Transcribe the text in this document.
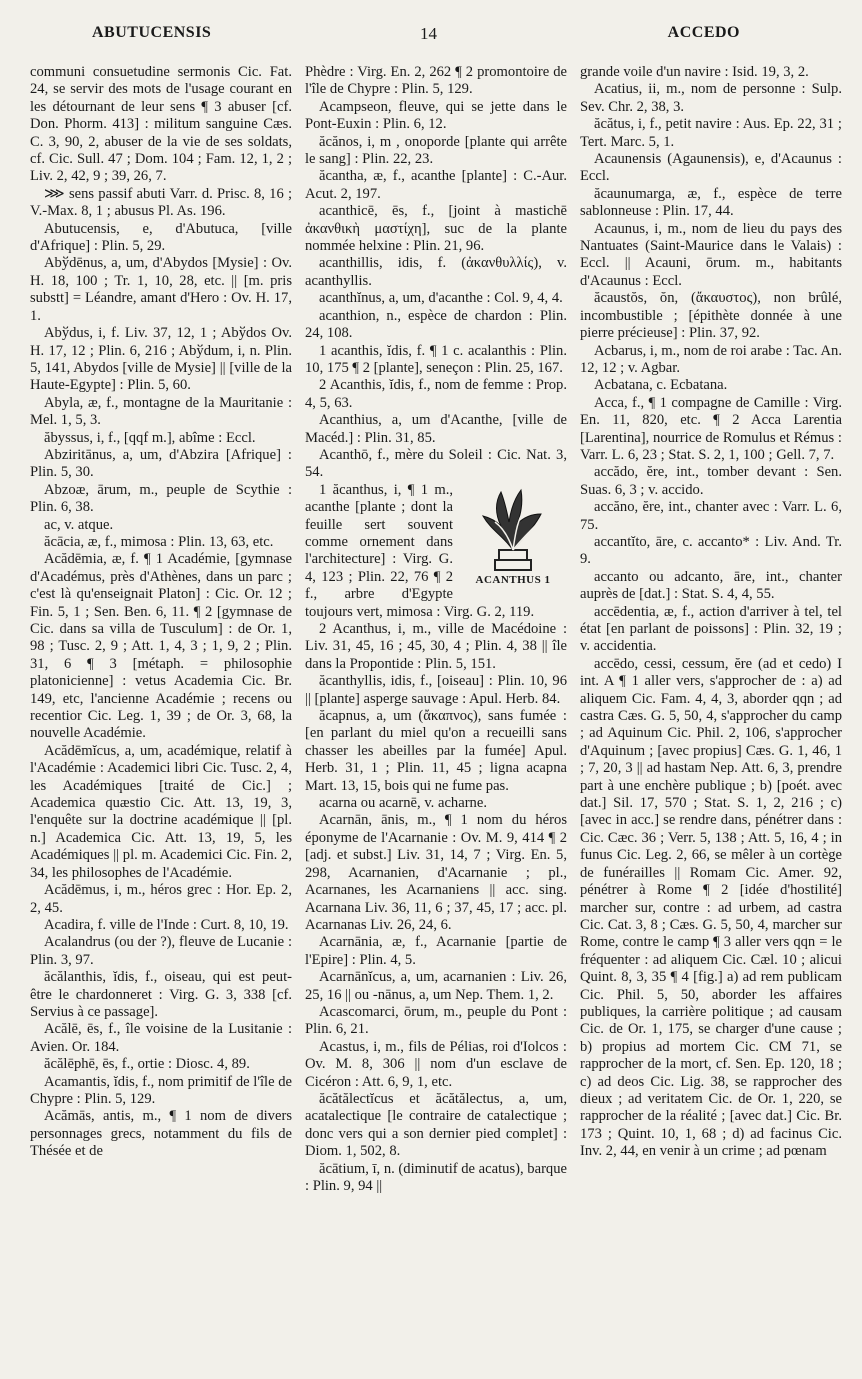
ABUTUCENSIS	14	ACCEDO

communi consuetudine sermonis Cic. Fat. 24, se servir des mots de l'usage courant en les détournant de leur sens ¶ 3 abuser [cf. Don. Phorm. 413] : militum sanguine Cæs. C. 3, 90, 2, abuser de la vie de ses soldats, cf. Cic. Sull. 47 ; Dom. 104 ; Fam. 12, 1, 2 ; Liv. 2, 42, 9 ; 39, 26, 7.

⋙ sens passif abuti Varr. d. Prisc. 8, 16 ; V.-Max. 8, 1 ; abusus Pl. As. 196.

Abutucensis, e, d'Abutuca, [ville d'Afrique] : Plin. 5, 29.

Abўdēnus, a, um, d'Abydos [Mysie] : Ov. H. 18, 100 ; Tr. 1, 10, 28, etc. || [m. pris substt] = Léandre, amant d'Hero : Ov. H. 17, 1.

Abўdus, i, f. Liv. 37, 12, 1 ; Abўdos Ov. H. 17, 12 ; Plin. 6, 216 ; Abўdum, i, n. Plin. 5, 141, Abydos [ville de Mysie] || [ville de la Haute-Egypte] : Plin. 5, 60.

Abyla, æ, f., montagne de la Mauritanie : Mel. 1, 5, 3.

ăbyssus, i, f., [qqf m.], abîme : Eccl.

Abziritānus, a, um, d'Abzira [Afrique] : Plin. 5, 30.

Abzoæ, ārum, m., peuple de Scythie : Plin. 6, 38.

ac, v. atque.

ăcācia, æ, f., mimosa : Plin. 13, 63, etc.

Acădēmia, æ, f. ¶ 1 Académie, [gymnase d'Académus, près d'Athènes, dans un parc ; c'est là qu'enseignait Platon] : Cic. Or. 12 ; Fin. 5, 1 ; Sen. Ben. 6, 11. ¶ 2 [gymnase de Cic. dans sa villa de Tusculum] : de Or. 1, 98 ; Tusc. 2, 9 ; Att. 1, 4, 3 ; 1, 9, 2 ; Plin. 31, 6 ¶ 3 [métaph. = philosophie platonicienne] : vetus Academia Cic. Br. 149, etc, l'ancienne Académie ; recens ou recentior Cic. Leg. 1, 39 ; de Or. 3, 68, la nouvelle Académie.

Acădēmĭcus, a, um, académique, relatif à l'Académie : Academici libri Cic. Tusc. 2, 4, les Académiques [traité de Cic.] ; Academica quæstio Cic. Att. 13, 19, 3, l'enquête sur la doctrine académique || [pl. n.] Academica Cic. Att. 13, 19, 5, les Académiques || pl. m. Academici Cic. Fin. 2, 34, les philosophes de l'Académie.

Acădēmus, i, m., héros grec : Hor. Ep. 2, 2, 45.

Acadira, f. ville de l'Inde : Curt. 8, 10, 19.

Acalandrus (ou der ?), fleuve de Lucanie : Plin. 3, 97.

ăcălanthis, ĭdis, f., oiseau, qui est peut-être le chardonneret : Virg. G. 3, 338 [cf. Servius à ce passage].

Acălē, ēs, f., île voisine de la Lusitanie : Avien. Or. 184.

ăcălēphē, ēs, f., ortie : Diosc. 4, 89.

Acamantis, ĭdis, f., nom primitif de l'île de Chypre : Plin. 5, 129.

Acămās, antis, m., ¶ 1 nom de divers personnages grecs, notamment du fils de Thésée et de

Phèdre : Virg. En. 2, 262 ¶ 2 promontoire de l'île de Chypre : Plin. 5, 129.

Acampseon, fleuve, qui se jette dans le Pont-Euxin : Plin. 6, 12.

ăcănos, i, m , onoporde [plante qui arrête le sang] : Plin. 22, 23.

ăcantha, æ, f., acanthe [plante] : C.-Aur. Acut. 2, 197.

acanthicē, ēs, f., [joint à mastichē ἀκανθικὴ μαστίχη], suc de la plante nommée helxine : Plin. 21, 96.

acanthillis, idis, f. (ἀκανθυλλίς), v. acanthyllis.

acanthĭnus, a, um, d'acanthe : Col. 9, 4, 4.

acanthion, n., espèce de chardon : Plin. 24, 108.

1 acanthis, ĭdis, f. ¶ 1 c. acalanthis : Plin. 10, 175 ¶ 2 [plante], seneçon : Plin. 25, 167.

2 Acanthis, ĭdis, f., nom de femme : Prop. 4, 5, 63.

Acanthius, a, um d'Acanthe, [ville de Macéd.] : Plin. 31, 85.

Acanthō, f., mère du Soleil : Cic. Nat. 3, 54.

ACANTHUS 1

1 ăcanthus, i, ¶ 1 m., acanthe [plante ; dont la feuille sert souvent comme ornement dans l'architecture] : Virg. G. 4, 123 ; Plin. 22, 76 ¶ 2 f., arbre d'Egypte toujours vert, mimosa : Virg. G. 2, 119.

2 Acanthus, i, m., ville de Macédoine : Liv. 31, 45, 16 ; 45, 30, 4 ; Plin. 4, 38 || île dans la Propontide : Plin. 5, 151.

ăcanthyllis, idis, f., [oiseau] : Plin. 10, 96 || [plante] asperge sauvage : Apul. Herb. 84.

ăcapnus, a, um (ἄκαπνος), sans fumée : [en parlant du miel qu'on a recueilli sans chasser les abeilles par la fumée] Apul. Herb. 31, 1 ; Plin. 11, 45 ; ligna acapna Mart. 13, 15, bois qui ne fume pas.

acarna ou acarnē, v. acharne.

Acarnān, ānis, m., ¶ 1 nom du héros éponyme de l'Acarnanie : Ov. M. 9, 414 ¶ 2 [adj. et subst.] Liv. 31, 14, 7 ; Virg. En. 5, 298, Acarnanien, d'Acarnanie ; pl., Acarnanes, les Acarnaniens || acc. sing. Acarnana Liv. 36, 11, 6 ; 37, 45, 17 ; acc. pl. Acarnanas Liv. 26, 24, 6.

Acarnānia, æ, f., Acarnanie [partie de l'Epire] : Plin. 4, 5.

Acarnānĭcus, a, um, acarnanien : Liv. 26, 25, 16 || ou -nānus, a, um Nep. Them. 1, 2.

Acascomarci, ōrum, m., peuple du Pont : Plin. 6, 21.

Acastus, i, m., fils de Pélias, roi d'Iolcos : Ov. M. 8, 306 || nom d'un esclave de Cicéron : Att. 6, 9, 1, etc.

ăcătălectĭcus et ăcătălectus, a, um, acatalectique [le contraire de catalectique ; donc vers qui a son dernier pied complet] : Diom. 1, 502, 8.

ăcātium, ī, n. (diminutif de acatus), barque : Plin. 9, 94 ||

grande voile d'un navire : Isid. 19, 3, 2.

Acatius, ii, m., nom de personne : Sulp. Sev. Chr. 2, 38, 3.

ăcătus, i, f., petit navire : Aus. Ep. 22, 31 ; Tert. Marc. 5, 1.

Acaunensis (Agaunensis), e, d'Acaunus : Eccl.

ăcaunumarga, æ, f., espèce de terre sablonneuse : Plin. 17, 44.

Acaunus, i, m., nom de lieu du pays des Nantuates (Saint-Maurice dans le Valais) : Eccl. || Acauni, ōrum. m., habitants d'Acaunus : Eccl.

ăcaustŏs, ŏn, (ἄκαυστος), non brûlé, incombustible ; [épithète donnée à une pierre précieuse] : Plin. 37, 92.

Acbarus, i, m., nom de roi arabe : Tac. An. 12, 12 ; v. Agbar.

Acbatana, c. Ecbatana.

Acca, f., ¶ 1 compagne de Camille : Virg. En. 11, 820, etc. ¶ 2 Acca Larentia [Larentina], nourrice de Romulus et Rémus : Varr. L. 6, 23 ; Stat. S. 2, 1, 100 ; Gell. 7, 7.

accădo, ĕre, int., tomber devant : Sen. Suas. 6, 3 ; v. accido.

accăno, ĕre, int., chanter avec : Varr. L. 6, 75.

accantĭto, āre, c. accanto* : Liv. And. Tr. 9.

accanto ou adcanto, āre, int., chanter auprès de [dat.] : Stat. S. 4, 4, 55.

accēdentia, æ, f., action d'arriver à tel, tel état [en parlant de poissons] : Plin. 32, 19 ; v. accidentia.

accēdo, cessi, cessum, ĕre (ad et cedo) I int. A ¶ 1 aller vers, s'approcher de : a) ad aliquem Cic. Fam. 4, 4, 3, aborder qqn ; ad castra Cæs. G. 5, 50, 4, s'approcher du camp ; ad Aquinum Cic. Phil. 2, 106, s'approcher d'Aquinum ; [avec propius] Cæs. G. 1, 46, 1 ; 7, 20, 3 || ad hastam Nep. Att. 6, 3, prendre part à une enchère publique ; b) [poét. avec dat.] Sil. 17, 570 ; Stat. S. 1, 2, 216 ; c) [avec in acc.] se rendre dans, pénétrer dans : Cic. Cæc. 36 ; Verr. 5, 138 ; Att. 5, 16, 4 ; in funus Cic. Leg. 2, 66, se mêler à un cortège de funérailles || Romam Cic. Amer. 92, pénétrer à Rome ¶ 2 [idée d'hostilité] marcher sur, contre : ad urbem, ad castra Cic. Cat. 3, 8 ; Cæs. G. 5, 50, 4, marcher sur Rome, contre le camp ¶ 3 aller vers qqn = le fréquenter : ad aliquem Cic. Cæl. 10 ; alicui Quint. 8, 3, 35 ¶ 4 [fig.] a) ad rem publicam Cic. Phil. 5, 50, aborder les affaires publiques, la carrière politique ; ad causam Cic. de Or. 1, 175, se charger d'une cause ; b) propius ad mortem Cic. CM 71, se rapprocher de la mort, cf. Sen. Ep. 120, 18 ; c) ad deos Cic. Lig. 38, se rapprocher des dieux ; ad veritatem Cic. de Or. 1, 220, se rapprocher de la réalité ; [avec dat.] Cic. Br. 173 ; Quint. 10, 1, 68 ; d) ad facinus Cic. Inv. 2, 44, en venir à un crime ; ad pœnam
